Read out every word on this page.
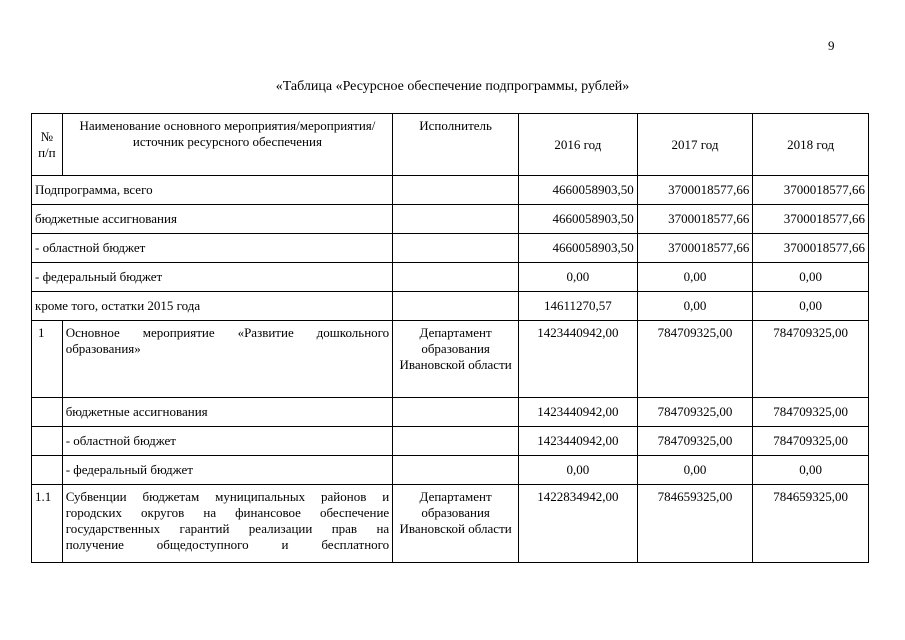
9
«Таблица «Ресурсное обеспечение подпрограммы, рублей»
№ п/п	Наименование основного мероприятия/мероприятия/ источник ресурсного обеспечения	Исполнитель	2016 год	2017 год	2018 год
Подпрограмма, всего			4660058903,50	3700018577,66	3700018577,66
бюджетные ассигнования			4660058903,50	3700018577,66	3700018577,66
- областной бюджет			4660058903,50	3700018577,66	3700018577,66
- федеральный бюджет			0,00	0,00	0,00
кроме того, остатки 2015 года			14611270,57	0,00	0,00
1	Основное мероприятие «Развитие дошкольного образования»	Департамент образования Ивановской области	1423440942,00	784709325,00	784709325,00
	бюджетные ассигнования		1423440942,00	784709325,00	784709325,00
	- областной бюджет		1423440942,00	784709325,00	784709325,00
	- федеральный бюджет		0,00	0,00	0,00
1.1	Субвенции бюджетам муниципальных районов и
городских округов на финансовое обеспечение
государственных гарантий реализации прав на
получение общедоступного и бесплатного	Департамент образования Ивановской области	1422834942,00	784659325,00	784659325,00
